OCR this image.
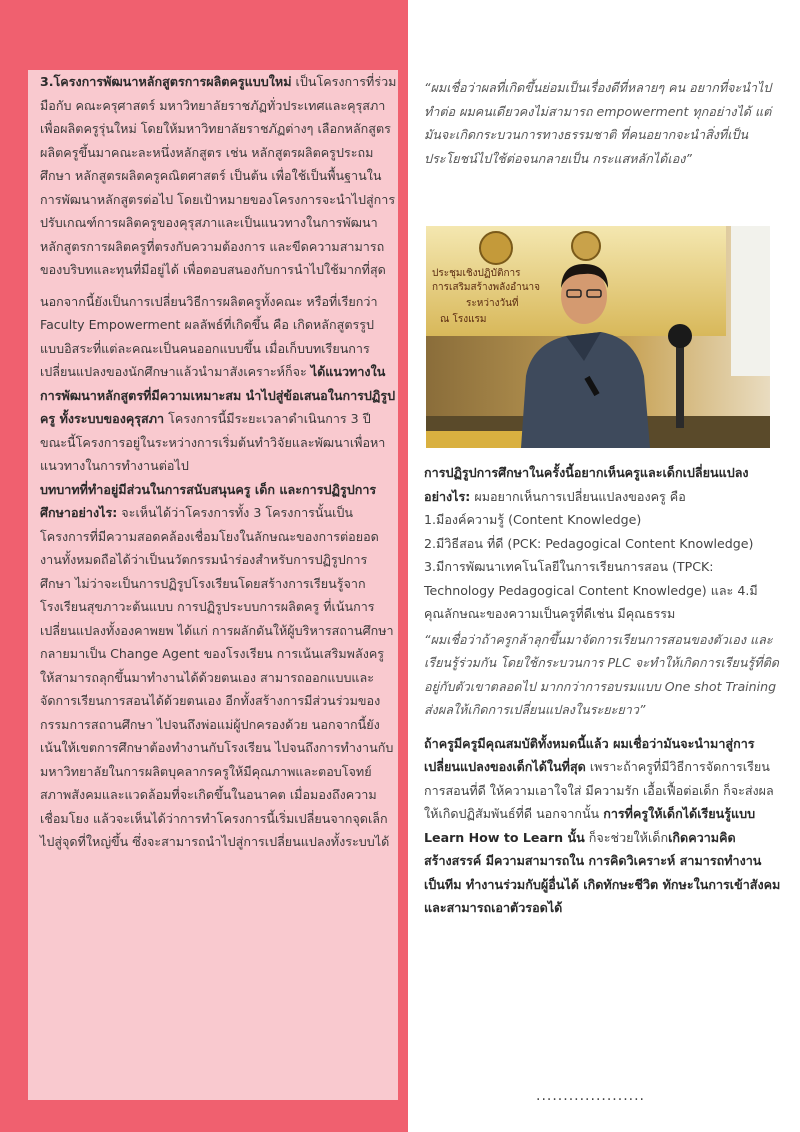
3.โครงการพัฒนาหลักสูตรการผลิตครูแบบใหม่ เป็นโครงการที่ร่วมมือกับ คณะครุศาสตร์ มหาวิทยาลัยราชภัฏทั่วประเทศและคุรุสภา เพื่อผลิตครูรุ่นใหม่ โดยให้มหาวิทยาลัยราชภัฏต่างๆ เลือกหลักสูตรผลิตครูขึ้นมาคณะละหนึ่งหลักสูตร เช่น หลักสูตรผลิตครูประถมศึกษา หลักสูตรผลิตครูคณิตศาสตร์ เป็นต้น เพื่อใช้เป็นพื้นฐานในการพัฒนาหลักสูตรต่อไป โดยเป้าหมายของโครงการจะนำไปสู่การปรับเกณฑ์การผลิตครูของคุรุสภาและเป็นแนวทางในการพัฒนาหลักสูตรการผลิตครูที่ตรงกับความต้องการ และขีดความสามารถของบริบทและทุนที่มีอยู่ได้ เพื่อตอบสนองกับการนำไปใช้มากที่สุด

นอกจากนี้ยังเป็นการเปลี่ยนวิธีการผลิตครูทั้งคณะ หรือที่เรียกว่า Faculty Empowerment ผลลัพธ์ที่เกิดขึ้น คือ เกิดหลักสูตรรูปแบบอิสระที่แต่ละคณะเป็นคนออกแบบขึ้น เมื่อเก็บบทเรียนการเปลี่ยนแปลงของนักศึกษาแล้วนำมาสังเคราะห์ก็จะ ได้แนวทางในการพัฒนาหลักสูตรที่มีความเหมาะสม นำไปสู่ข้อเสนอในการปฏิรูปครู ทั้งระบบของคุรุสภา โครงการนี้มีระยะเวลาดำเนินการ 3 ปี ขณะนี้โครงการอยู่ในระหว่างการเริ่มต้นทำวิจัยและพัฒนาเพื่อหาแนวทางในการทำงานต่อไป

บทบาทที่ทำอยู่มีส่วนในการสนับสนุนครู เด็ก และการปฏิรูปการศึกษาอย่างไร: จะเห็นได้ว่าโครงการทั้ง 3 โครงการนั้นเป็นโครงการที่มีความสอดคล้องเชื่อมโยงในลักษณะของการต่อยอดงานทั้งหมดถือได้ว่าเป็นนวัตกรรมนำร่องสำหรับการปฏิรูปการศึกษา ไม่ว่าจะเป็นการปฏิรูปโรงเรียนโดยสร้างการเรียนรู้จากโรงเรียนสุขภาวะต้นแบบ การปฏิรูประบบการผลิตครู ที่เน้นการเปลี่ยนแปลงทั้งองคาพยพ ได้แก่ การผลักดันให้ผู้บริหารสถานศึกษากลายมาเป็น Change Agent ของโรงเรียน การเน้นเสริมพลังครูให้สามารถลุกขึ้นมาทำงานได้ด้วยตนเอง สามารถออกแบบและจัดการเรียนการสอนได้ด้วยตนเอง อีกทั้งสร้างการมีส่วนร่วมของกรรมการสถานศึกษา ไปจนถึงพ่อแม่ผู้ปกครองด้วย นอกจากนี้ยังเน้นให้เขตการศึกษาต้องทำงานกับโรงเรียน ไปจนถึงการทำงานกับมหาวิทยาลัยในการผลิตบุคลากรครูให้มีคุณภาพและตอบโจทย์สภาพสังคมและแวดล้อมที่จะเกิดขึ้นในอนาคต เมื่อมองถึงความเชื่อมโยง แล้วจะเห็นได้ว่าการทำโครงการนี้เริ่มเปลี่ยนจากจุดเล็กไปสู่จุดที่ใหญ่ขึ้น ซึ่งจะสามารถนำไปสู่การเปลี่ยนแปลงทั้งระบบได้

“ผมเชื่อว่าผลที่เกิดขึ้นย่อมเป็นเรื่องดีที่หลายๆ คน อยากที่จะนำไปทำต่อ ผมคนเดียวคงไม่สามารถ empowerment ทุกอย่างได้ แต่มันจะเกิดกระบวนการทางธรรมชาติ ที่คนอยากจะนำสิ่งที่เป็นประโยชน์ไปใช้ต่อจนกลายเป็น กระแสหลักได้เอง”
ประชุมเชิงปฏิบัติการ
การเสริมสร้างพลังอำนาจ
ระหว่างวันที่
ณ โรงแรม

การปฏิรูปการศึกษาในครั้งนี้อยากเห็นครูและเด็กเปลี่ยนแปลงอย่างไร: ผมอยากเห็นการเปลี่ยนแปลงของครู คือ

1.มีองค์ความรู้ (Content Knowledge)

2.มีวิธีสอน ที่ดี (PCK: Pedagogical Content Knowledge)

3.มีการพัฒนาเทคโนโลยีในการเรียนการสอน (TPCK: Technology Pedagogical Content Knowledge) และ 4.มีคุณลักษณะของความเป็นครูที่ดีเช่น มีคุณธรรม

“ผมเชื่อว่าถ้าครูกล้าลุกขึ้นมาจัดการเรียนการสอนของตัวเอง และเรียนรู้ร่วมกัน โดยใช้กระบวนการ PLC จะทำให้เกิดการเรียนรู้ที่ติดอยู่กับตัวเขาตลอดไป มากกว่าการอบรมแบบ One shot Training ส่งผลให้เกิดการเปลี่ยนแปลงในระยะยาว”

ถ้าครูมีครูมีคุณสมบัติทั้งหมดนี้แล้ว ผมเชื่อว่ามันจะนำมาสู่การเปลี่ยนแปลงของเด็กได้ในที่สุด เพราะถ้าครูที่มีวิธีการจัดการเรียนการสอนที่ดี ให้ความเอาใจใส่ มีความรัก เอื้อเฟื้อต่อเด็ก ก็จะส่งผลให้เกิดปฏิสัมพันธ์ที่ดี นอกจากนั้น การที่ครูให้เด็กได้เรียนรู้แบบ Learn How to Learn นั้น ก็จะช่วยให้เด็กเกิดความคิดสร้างสรรค์ มีความสามารถใน การคิดวิเคราะห์ สามารถทำงานเป็นทีม ทำงานร่วมกับผู้อื่นได้ เกิดทักษะชีวิต ทักษะในการเข้าสังคม และสามารถเอาตัวรอดได้

....................
